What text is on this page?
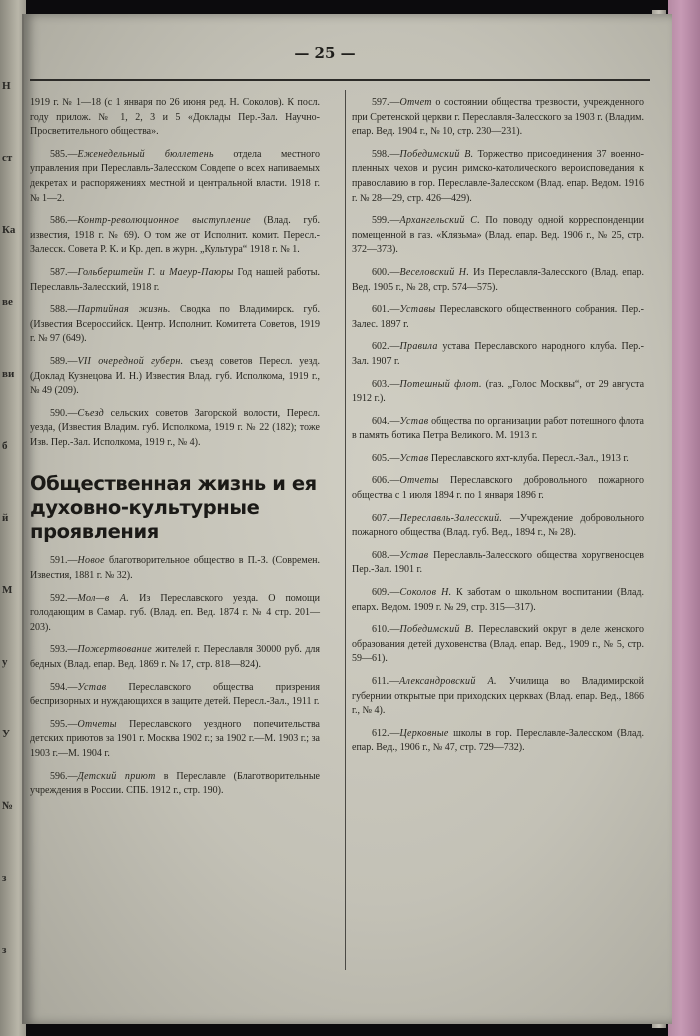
Н
ст
Ка
ве
ви
б
й
М
у
У
№
з
з
— 25 —
1919 г. № 1—18 (с 1 января по 26 июня ред. Н. Соколов). К посл. году прилож. № 1, 2, 3 и 5 «Доклады Пер.-Зал. Научно-Просветительного общества».
585.—Еженедельный бюллетень отдела местного управления при Переславль-Залесском Совдепе о всех напиваемых декретах и распоряжениях местной и центральной власти. 1918 г. № 1—2.
586.—Контр-революционное выступление (Влад. губ. известия, 1918 г. № 69). О том же от Исполнит. комит. Пересл.-Залесск. Совета Р. К. и Кр. деп. в журн. „Культура“ 1918 г. № 1.
587.—Гольберштейн Г. и Маеур-Паюры Год нашей работы. Переславль-Залесский, 1918 г.
588.—Партийная жизнь. Сводка по Владимирск. губ. (Известия Всероссийск. Центр. Исполнит. Комитета Советов, 1919 г. № 97 (649).
589.—VII очередной губерн. съезд советов Пересл. уезд. (Доклад Кузнецова И. Н.) Известия Влад. губ. Исполкома, 1919 г., № 49 (209).
590.—Съезд сельских советов Загорской волости, Пересл. уезда, (Известия Владим. губ. Исполкома, 1919 г. № 22 (182); тоже Изв. Пер.-Зал. Исполкома, 1919 г., № 4).
Общественная жизнь и ея духовно-культурные проявления
591.—Новое благотворительное общество в П.-З. (Современ. Известия, 1881 г. № 32).
592.—Мол—в А. Из Переславского уезда. О помощи голодающим в Самар. губ. (Влад. еп. Вед. 1874 г. № 4 стр. 201—203).
593.—Пожертвование жителей г. Переславля 30000 руб. для бедных (Влад. епар. Вед. 1869 г. № 17, стр. 818—824).
594.—Устав Переславского общества призрения беспризорных и нуждающихся в защите детей. Пересл.-Зал., 1911 г.
595.—Отчеты Переславского уездного попечительства детских приютов за 1901 г. Москва 1902 г.; за 1902 г.—М. 1903 г.; за 1903 г.—М. 1904 г.
596.—Детский приют в Переславле (Благотворительные учреждения в России. СПБ. 1912 г., стр. 190).
597.—Отчет о состоянии общества трезвости, учрежденного при Сретенской церкви г. Переславля-Залесского за 1903 г. (Владим. епар. Вед. 1904 г., № 10, стр. 230—231).
598.—Победимский В. Торжество присоединения 37 военно-пленных чехов и русин римско-католического вероисповедания к православию в гор. Переславле-Залесском (Влад. епар. Ведом. 1916 г. № 28—29, стр. 426—429).
599.—Архангельский С. По поводу одной корреспонденции помещенной в газ. «Клязьма» (Влад. епар. Вед. 1906 г., № 25, стр. 372—373).
600.—Веселовский Н. Из Переславля-Залесского (Влад. епар. Вед. 1905 г., № 28, стр. 574—575).
601.—Уставы Переславского общественного собрания. Пер.-Залес. 1897 г.
602.—Правила устава Переславского народного клуба. Пер.-Зал. 1907 г.
603.—Потешный флот. (газ. „Голос Москвы“, от 29 августа 1912 г.).
604.—Устав общества по организации работ потешного флота в память ботика Петра Великого. М. 1913 г.
605.—Устав Переславского яхт-клуба. Пересл.-Зал., 1913 г.
606.—Отчеты Переславского добровольного пожарного общества с 1 июля 1894 г. по 1 января 1896 г.
607.—Переславль-Залесский. —Учреждение добровольного пожарного общества (Влад. губ. Вед., 1894 г., № 28).
608.—Устав Переславль-Залесского общества хоругвеносцев Пер.-Зал. 1901 г.
609.—Соколов Н. К заботам о школьном воспитании (Влад. епарх. Ведом. 1909 г. № 29, стр. 315—317).
610.—Победимский В. Переславский округ в деле женского образования детей духовенства (Влад. епар. Вед., 1909 г., № 5, стр. 59—61).
611.—Александровский А. Училища во Владимирской губернии открытые при приходских церквах (Влад. епар. Вед., 1866 г., № 4).
612.—Церковные школы в гор. Переславле-Залесском (Влад. епар. Вед., 1906 г., № 47, стр. 729—732).
